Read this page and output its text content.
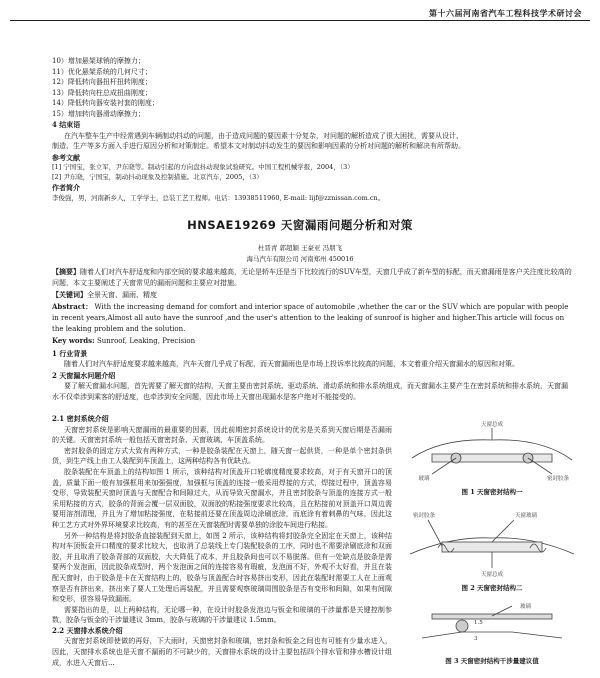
第十六届河南省汽车工程科技学术研讨会

10）增加悬架球销的摩擦力；

11）优化悬架系统的几何尺寸；

12）降低转向器扭杆扭转刚度；

13）降低转向柱总成扭曲刚度；

14）降低转向器安装衬套的刚度；

15）增加转向器滑动摩擦力；

4 结束语

在汽车整车生产中经常遇到车辆制动抖动的问题，由于造成问题的要因素十分复杂，对问题的解析造成了很大困扰，需要从设计、

制造、生产等多方面入手进行原因分析和对策制定。希望本文对制动抖动发生的要因和影响因素的分析对问题的解析和解决有所帮助。

参考文献

[1] 宁国宝，张立军，尹东晓等。制动引起的方向盘抖动现象试验研究。中国工程机械学报，2004，（3）

[2] 尹东晓，宁国宝，制动抖动现象及控制措施。北京汽车，2005，（3）

作者简介

李俊强，男，河南新乡人，工学学士，总装工艺工程师。电话：13938511960, E-mail: lijf@zznissan.com.cn。

HNSAE19269 天窗漏雨问题分析和对策
杜晋青 郭超颖 王豪亚 冯朋飞
海马汽车有限公司 河南郑州 450016

【摘要】随着人们对汽车舒适度和内部空间的要求越来越高，无论是轿车还是当下比较流行的SUV车型，天窗几乎成了新车型的标配，而天窗漏雨是客户关注度比较高的问题，本文主要阐述了天窗常见的漏雨问题和主要应对措施。

【关键词】全景天窗、漏雨、精度

Abstract： With the increasing demand for comfort and interior space of automobile ,whether the car or the SUV which are popular with people in recent years,Almost all auto have the sunroof ,and the user's attention to the leaking of sunroof is higher and higher.This article will focus on the leaking problem and the solution.

Key words: Sunroof, Leaking, Precision

1 行业背景

随着人们对汽车舒适度要求越来越高，汽车天窗几乎成了标配，而天窗漏雨也是市场上投诉率比较高的问题，本文着重介绍天窗漏水的原因和对策。

2 天窗漏水问题介绍

要了解天窗漏水问题，首先需要了解天窗的结构，天窗主要由密封系统、驱动系统、滑动系统和排水系统组成，而天窗漏水主要产生在密封系统和排水系统，天窗漏水不仅牵涉到乘客的舒适度，也牵涉到安全问题，因此市场上天窗出现漏水是客户绝对不能接受的。

2.1 密封系统介绍

天窗密封系统是影响天窗漏雨的最重要的因素，因此前期密封系统设计的优劣是关系到天窗后期是否漏雨的关键。天窗密封系统一般包括天窗密封条、天窗玻璃、车顶盖系统。

密封胶条的固定方式大致有两种方式，一种是胶条装配在天窗上，随天窗一起供货，一种是单个密封条供货，到生产线上由工人装配到车顶盖上，这两种结构各有优缺点。

胶条装配在车顶盖上的结构如图 1 所示，该种结构对顶盖开口轮廓度精度要求较高，对于有天窗开口的顶盖，质量下面一般有加强框用来加强强度，加强框与顶盖的连接一般采用焊接的方式，焊接过程中，顶盖容易变形，导致装配天窗时顶盖与天窗配合和间隙过大，从而导致天窗漏水，并且密封胶条与顶盖的连接方式一般采用粘接的方式，胶条的背面会覆一层双面胶，双面胶的粘接强度要求比较高，且在粘接前对顶盖开口周边需要用溶剂清理，并且为了增加粘接强度，在粘接前还要在顶盖周边涂刷底涂，而底涂有着刺鼻的气味，因此这种工艺方式对外界环境要求比较高，有的甚至在天窗装配时需要单独的涂胶车间进行粘接。

另外一种结构是将封胶条直接装配到天窗上，如图 2 所示，该种结构将封胶条完全固定在天窗上，该种结构对车顶钣金开口精度的要求比较大，也取消了总装线上专门装配胶条的工序，同时也不需要涂刷底涂和双面胶，并且取消了胶条背部的双面胶，大大降低了成本，并且胶条间也可以不易脱落。但有一处缺点是胶条是需要两个发泡面，因此胶条成型时，两个发泡面之间的连接容易有瑕疵，发泡面不好，外观不太好看，并且在装配天窗时，由于胶条是卡在天窗结构上的，胶条与顶盖配合时容易挤出变形，因此在装配时需要工人在上面观察是否有挤出来，挤出来了要人工处理后再装配，并且需要观察玻璃周围胶条是否有变形和间隙，如果有间隙和变形，很容易导致漏雨。

需要指出的是，以上两种结构，无论哪一种，在设计时胶条发泡边与钣金和玻璃的干涉量都是关键控制参数，胶条与钣金的干涉量建议 3mm，胶条与玻璃的干涉量建议 1.5mm。

2.2 天窗排水系统介绍

天窗密封系统即使做的再好，下大雨时，天窗密封条和玻璃，密封条和钣金之间也有可能有少量水进入，因此，天窗排水系统也是天窗不漏雨的不可缺少的，天窗排水系统的设计主要包括四个排水管和排水槽设计组成，水进入天窗后...

天窗总成
玻璃	密封胶条
图 1 天窗密封结构一
密封胶条	天窗玻璃
天窗总成
图 2 天窗密封结构二
玻璃
1.5
3
图 3 天窗密封结构干涉量建议值
